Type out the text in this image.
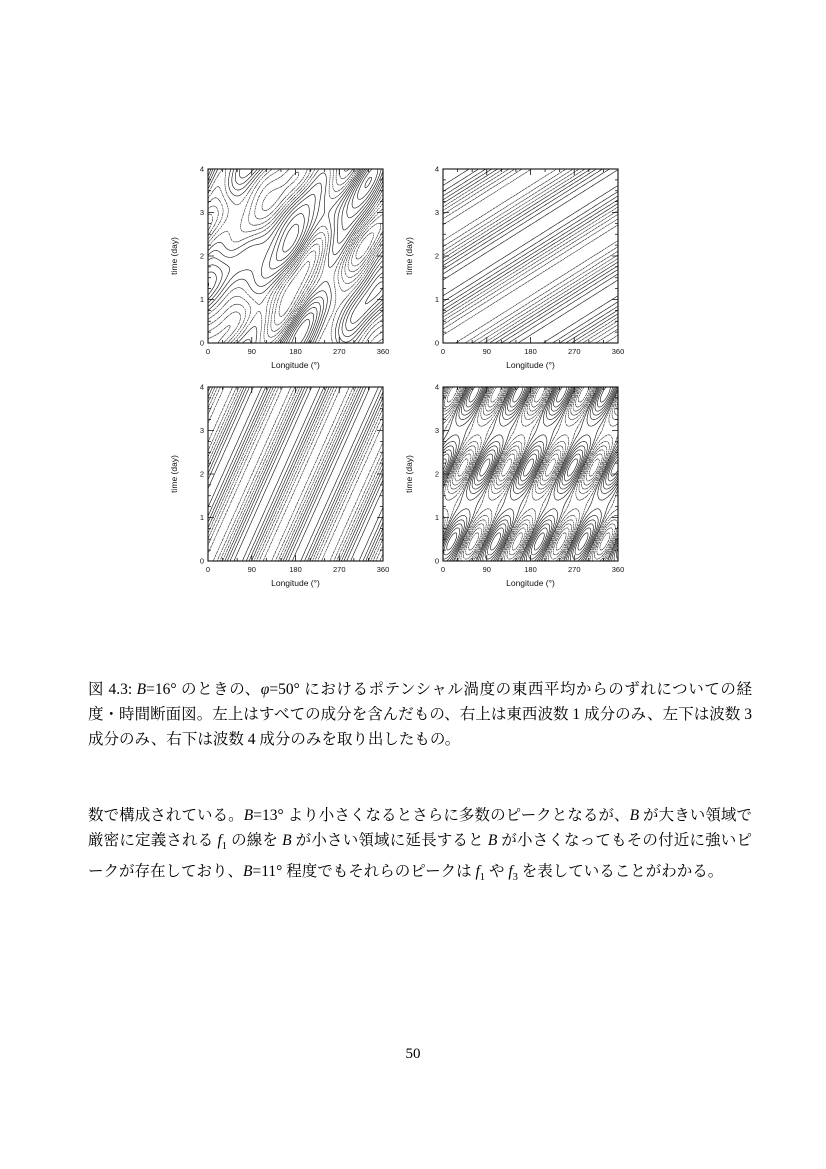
0	90	180	270	360
0
1
2
3
4
Longitude (°)
time (day)
0	90	180	270	360
0
1
2
3
4
Longitude (°)
time (day)
0	90	180	270	360
0
1
2
3
4
Longitude (°)
time (day)
0	90	180	270	360
0
1
2
3
4
Longitude (°)
time (day)

図 4.3: B=16° のときの、φ=50° におけるポテンシャル渦度の東西平均からのずれについての経度・時間断面図。左上はすべての成分を含んだもの、右上は東西波数 1 成分のみ、左下は波数 3 成分のみ、右下は波数 4 成分のみを取り出したもの。

数で構成されている。B=13° より小さくなるとさらに多数のピークとなるが、B が大きい領域で厳密に定義される $f_1$ の線を B が小さい領域に延長すると B が小さくなってもその付近に強いピークが存在しており、B=11° 程度でもそれらのピークは $f_1$ や $f_3$ を表していることがわかる。

50
